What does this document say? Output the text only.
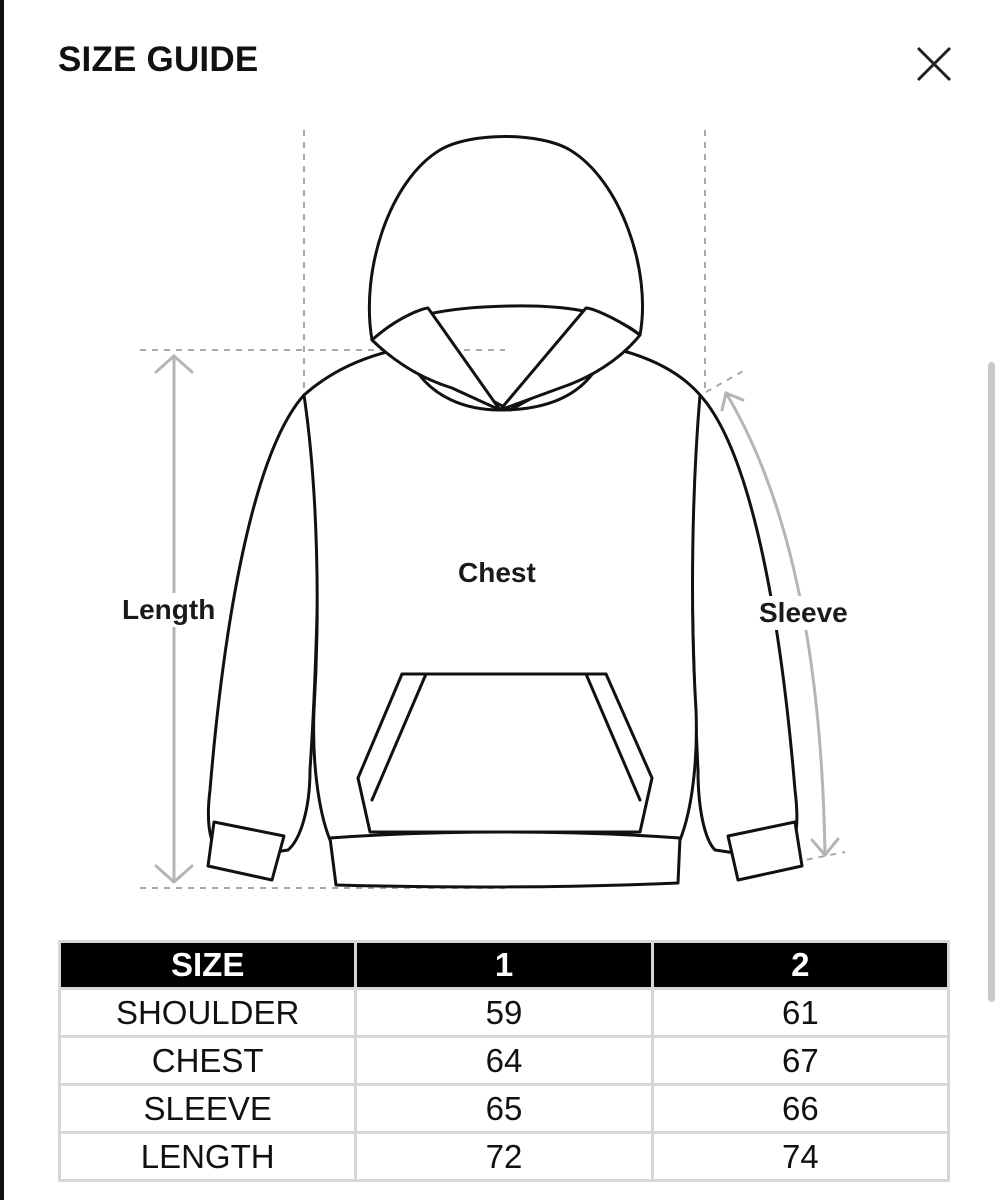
SIZE GUIDE
Length
Chest
Sleeve
SIZE	1	2
SHOULDER	59	61
CHEST	64	67
SLEEVE	65	66
LENGTH	72	74
